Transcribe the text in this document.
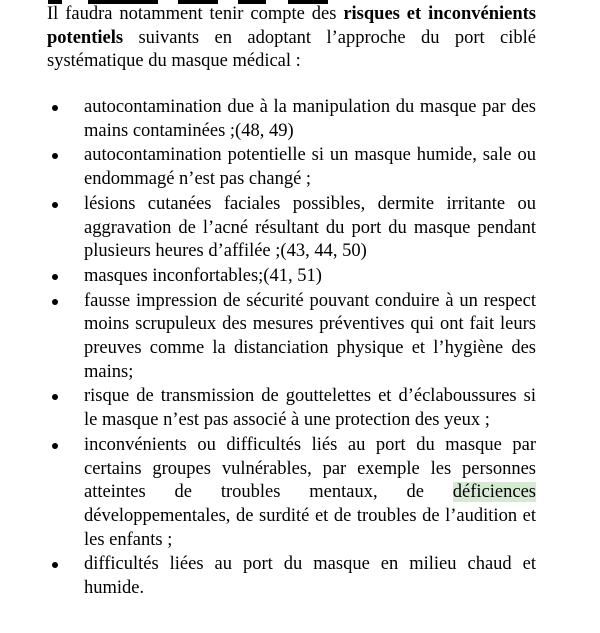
Il faudra notamment tenir compte des risques et inconvénients potentiels suivants en adoptant l’approche du port ciblé systématique du masque médical :

autocontamination due à la manipulation du masque par des mains contaminées ;(48, 49)
autocontamination potentielle si un masque humide, sale ou endommagé n’est pas changé ;
lésions cutanées faciales possibles, dermite irritante ou aggravation de l’acné résultant du port du masque pendant plusieurs heures d’affilée ;(43, 44, 50)
masques inconfortables;(41, 51)
fausse impression de sécurité pouvant conduire à un respect moins scrupuleux des mesures préventives qui ont fait leurs preuves comme la distanciation physique et l’hygiène des mains;
risque de transmission de gouttelettes et d’éclaboussures si le masque n’est pas associé à une protection des yeux ;
inconvénients ou difficultés liés au port du masque par certains groupes vulnérables, par exemple les personnes atteintes de troubles mentaux, de déficiences développementales, de surdité et de troubles de l’audition et les enfants ;
difficultés liées au port du masque en milieu chaud et humide.
